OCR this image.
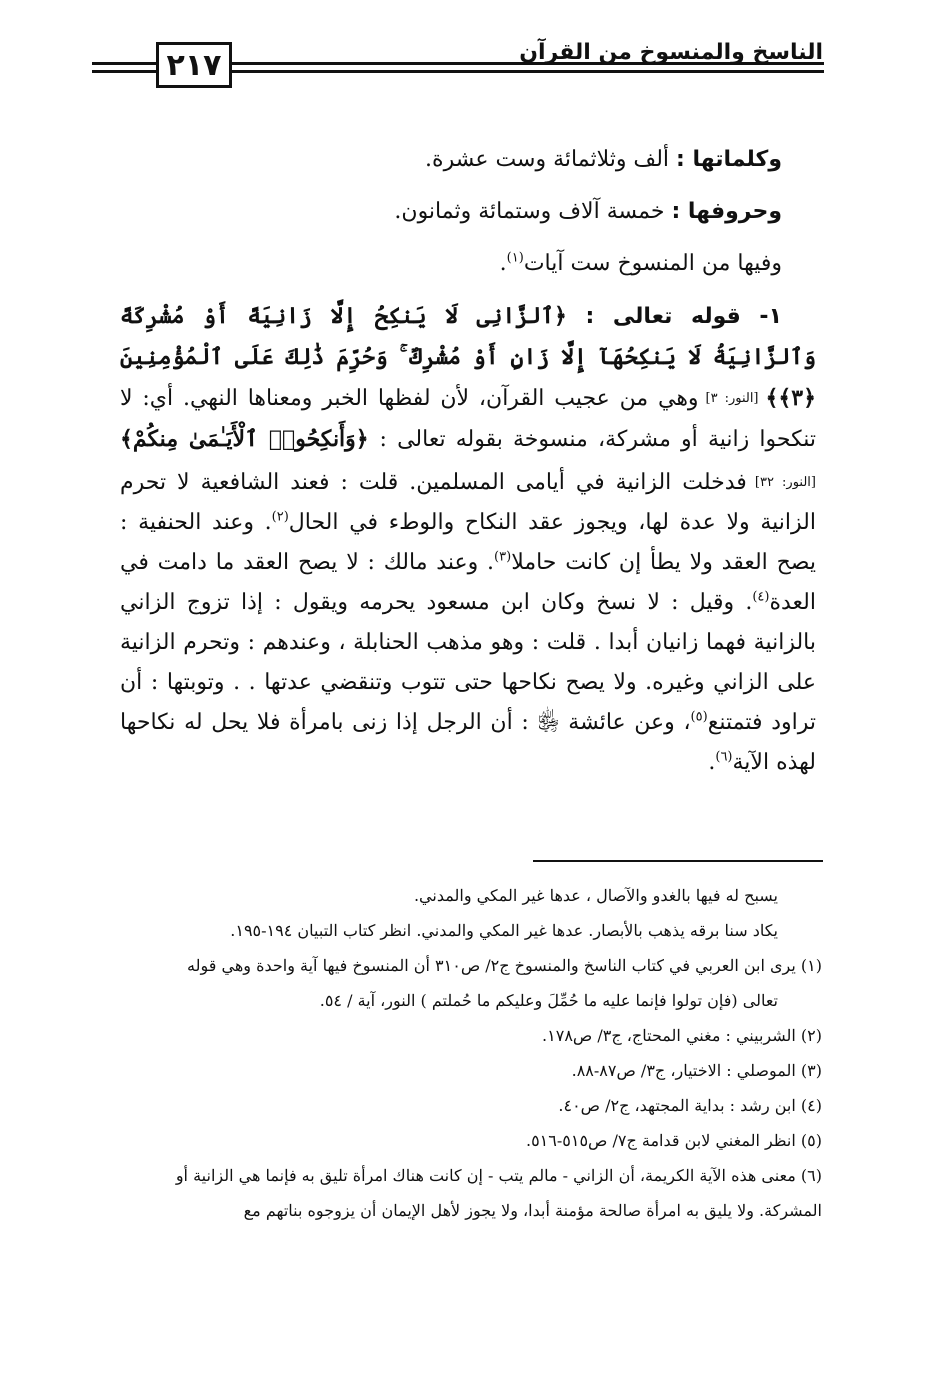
٢١٧	الناسخ والمنسوخ من القرآن

وكلماتها : ألف وثلاثمائة وست عشرة.

وحروفها : خمسة آلاف وستمائة وثمانون.

وفيها من المنسوخ ست آيات$^{(١)}$.

١- قوله تعالى : ﴿ٱلزَّانِى لَا يَنكِحُ إِلَّا زَانِيَةً أَوْ مُشْرِكَةً وَٱلزَّانِيَةُ لَا يَنكِحُهَآ إِلَّا زَانٍ أَوْ مُشْرِكٌ ۚ وَحُرِّمَ ذَٰلِكَ عَلَى ٱلْمُؤْمِنِينَ ﴿٣﴾﴾ [النور: ٣] وهي من عجيب القرآن، لأن لفظها الخبر ومعناها النهي. أي: لا تنكحوا زانية أو مشركة، منسوخة بقوله تعالى : ﴿وَأَنكِحُوا۟ ٱلْأَيَـٰمَىٰ مِنكُمْ﴾ [النور: ٣٢] فدخلت الزانية في أيامى المسلمين. قلت : فعند الشافعية لا تحرم الزانية ولا عدة لها، ويجوز عقد النكاح والوطء في الحال$^{(٢)}$. وعند الحنفية : يصح العقد ولا يطأ إن كانت حاملا$^{(٣)}$. وعند مالك : لا يصح العقد ما دامت في العدة$^{(٤)}$. وقيل : لا نسخ وكان ابن مسعود يحرمه ويقول : إذا تزوج الزاني بالزانية فهما زانيان أبدا . قلت : وهو مذهب الحنابلة ، وعندهم : وتحرم الزانية على الزاني وغيره. ولا يصح نكاحها حتى تتوب وتنقضي عدتها . . وتوبتها : أن تراود فتمتنع$^{(٥)}$، وعن عائشة ﵂ : أن الرجل إذا زنى بامرأة فلا يحل له نكاحها لهذه الآية$^{(٦)}$.

يسبح له فيها بالغدو والآصال ، عدها غير المكي والمدني.

يكاد سنا برقه يذهب بالأبصار. عدها غير المكي والمدني. انظر كتاب التبيان ١٩٤-١٩٥.

(١) يرى ابن العربي في كتاب الناسخ والمنسوخ ج٢/ ص٣١٠ أن المنسوخ فيها آية واحدة وهي قوله

تعالى (فإن تولوا فإنما عليه ما حُمِّلَ وعليكم ما حُملتم ) النور، آية / ٥٤.

(٢) الشربيني : مغني المحتاج، ج٣/ ص١٧٨.

(٣) الموصلي : الاختيار، ج٣/ ص٨٧-٨٨.

(٤) ابن رشد : بداية المجتهد، ج٢/ ص٤٠.

(٥) انظر المغني لابن قدامة ج٧/ ص٥١٥-٥١٦.

(٦) معنى هذه الآية الكريمة، أن الزاني - مالم يتب - إن كانت هناك امرأة تليق به فإنما هي الزانية أو

المشركة. ولا يليق به امرأة صالحة مؤمنة أبدا، ولا يجوز لأهل الإيمان أن يزوجوه بناتهم مع
